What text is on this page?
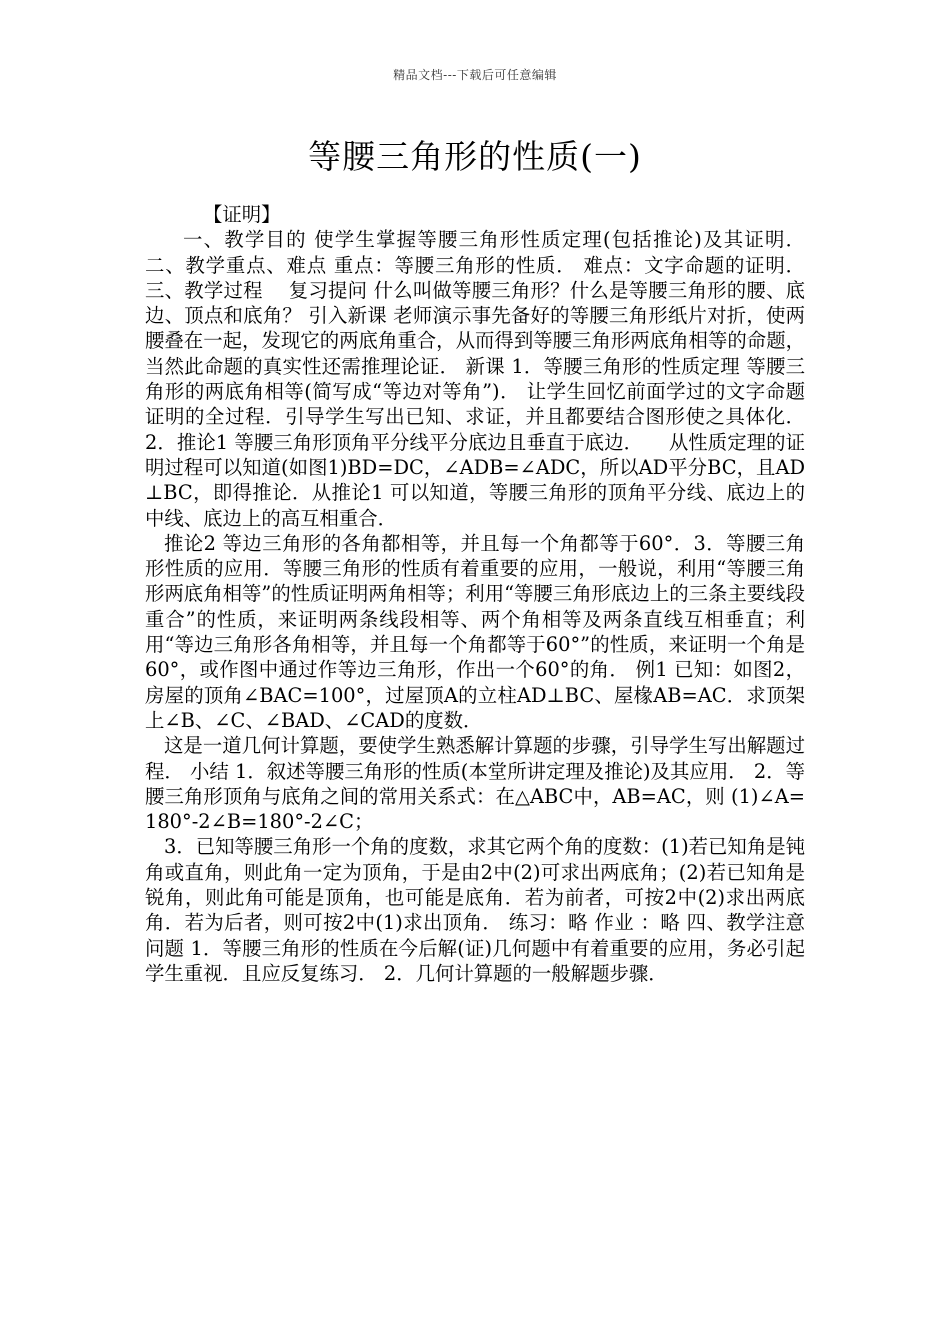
精品文档---下载后可任意编辑
等腰三角形的性质(一)

【证明】

一、教学目的 使学生掌握等腰三角形性质定理(包括推论)及其证明． 二、教学重点、难点 重点：等腰三角形的性质． 难点：文字命题的证明． 三、教学过程 　复习提问 什么叫做等腰三角形？什么是等腰三角形的腰、底边、顶点和底角？ 引入新课 老师演示事先备好的等腰三角形纸片对折，使两腰叠在一起，发现它的两底角重合，从而得到等腰三角形两底角相等的命题，当然此命题的真实性还需推理论证． 新课 1．等腰三角形的性质定理 等腰三角形的两底角相等(简写成“等边对等角”)． 让学生回忆前面学过的文字命题证明的全过程．引导学生写出已知、求证，并且都要结合图形使之具体化． 2．推论1 等腰三角形顶角平分线平分底边且垂直于底边． 　从性质定理的证明过程可以知道(如图1)BD=DC，∠ADB=∠ADC，所以AD平分BC，且AD⊥BC，即得推论．从推论1 可以知道，等腰三角形的顶角平分线、底边上的中线、底边上的高互相重合．

推论2 等边三角形的各角都相等，并且每一个角都等于60°．3．等腰三角形性质的应用．等腰三角形的性质有着重要的应用，一般说，利用“等腰三角形两底角相等”的性质证明两角相等；利用“等腰三角形底边上的三条主要线段重合”的性质，来证明两条线段相等、两个角相等及两条直线互相垂直；利用“等边三角形各角相等，并且每一个角都等于60°”的性质，来证明一个角是60°，或作图中通过作等边三角形，作出一个60°的角． 例1 已知：如图2，房屋的顶角∠BAC=100°，过屋顶A的立柱AD⊥BC、屋椽AB=AC．求顶架上∠B、∠C、∠BAD、∠CAD的度数．

这是一道几何计算题，要使学生熟悉解计算题的步骤，引导学生写出解题过程． 小结 1．叙述等腰三角形的性质(本堂所讲定理及推论)及其应用． 2．等腰三角形顶角与底角之间的常用关系式：在△ABC中，AB=AC，则 (1)∠A=180°-2∠B=180°-2∠C；

3．已知等腰三角形一个角的度数，求其它两个角的度数：(1)若已知角是钝角或直角，则此角一定为顶角，于是由2中(2)可求出两底角；(2)若已知角是锐角，则此角可能是顶角，也可能是底角．若为前者，可按2中(2)求出两底角．若为后者，则可按2中(1)求出顶角． 练习：略 作业 ：略 四、教学注意问题 1．等腰三角形的性质在今后解(证)几何题中有着重要的应用，务必引起学生重视．且应反复练习． 2．几何计算题的一般解题步骤．
